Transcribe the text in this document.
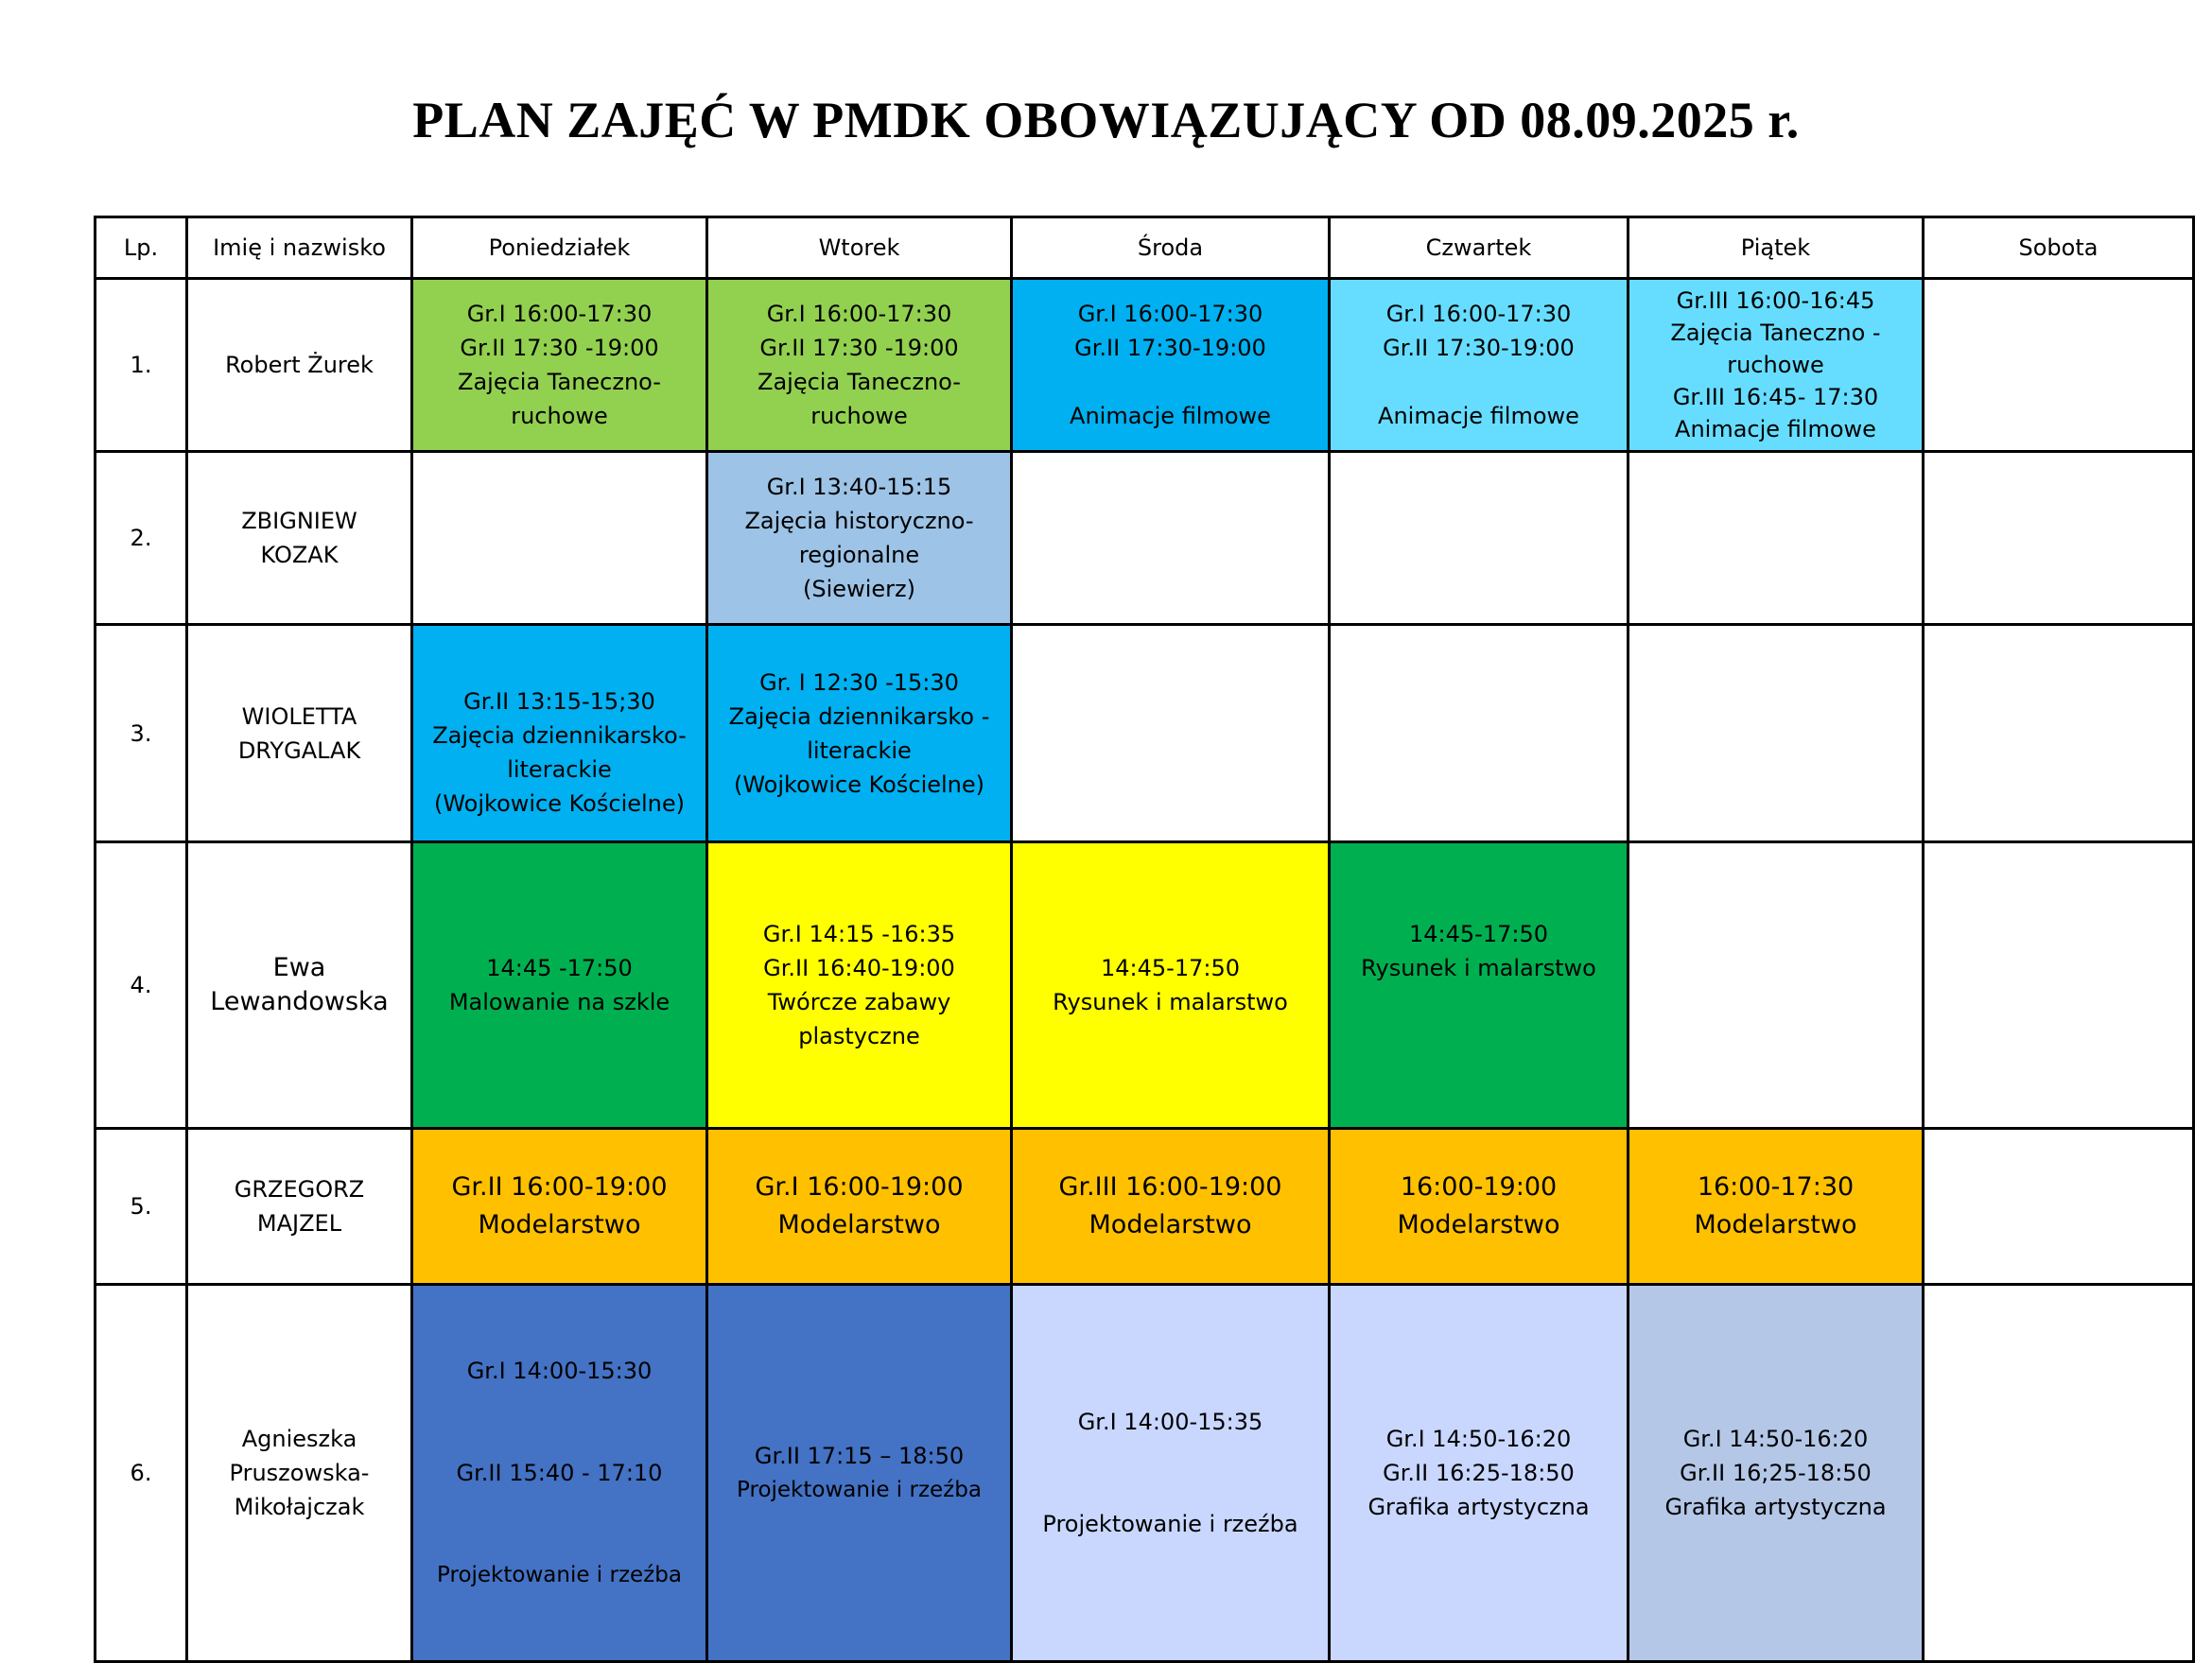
PLAN ZAJĘĆ W PMDK OBOWIĄZUJĄCY OD 08.09.2025 r.
Lp.	Imię i nazwisko	Poniedziałek	Wtorek	Środa	Czwartek	Piątek	Sobota
1.	Robert Żurek	Gr.I 16:00-17:30
Gr.II 17:30 -19:00
Zajęcia Taneczno-
ruchowe	Gr.I 16:00-17:30
Gr.II 17:30 -19:00
Zajęcia Taneczno-
ruchowe	Gr.I 16:00-17:30
Gr.II 17:30-19:00

Animacje filmowe	Gr.I 16:00-17:30
Gr.II 17:30-19:00

Animacje filmowe	Gr.III 16:00-16:45
Zajęcia Taneczno -
ruchowe
Gr.III 16:45- 17:30
Animacje filmowe	

2.	ZBIGNIEW
KOZAK		Gr.I 13:40-15:15
Zajęcia historyczno-
regionalne
(Siewierz)				

3.	WIOLETTA
DRYGALAK	Gr.II 13:15-15;30
Zajęcia dziennikarsko-
literackie
(Wojkowice Kościelne)	Gr. I 12:30 -15:30
Zajęcia dziennikarsko -
literackie
(Wojkowice Kościelne)				

4.	Ewa
Lewandowska	14:45 -17:50
Malowanie na szkle	Gr.I 14:15 -16:35
Gr.II 16:40-19:00
Twórcze zabawy
plastyczne	14:45-17:50
Rysunek i malarstwo	14:45-17:50
Rysunek i malarstwo		

5.	GRZEGORZ
MAJZEL	Gr.II 16:00-19:00
Modelarstwo	Gr.I 16:00-19:00
Modelarstwo	Gr.III 16:00-19:00
Modelarstwo	16:00-19:00
Modelarstwo	16:00-17:30
Modelarstwo	

6.	Agnieszka
Pruszowska-
Mikołajczak	Gr.I 14:00-15:30

Gr.II 15:40 - 17:10

Projektowanie i rzeźba	Gr.II 17:15 – 18:50
Projektowanie i rzeźba	Gr.I 14:00-15:35

Projektowanie i rzeźba	Gr.I 14:50-16:20
Gr.II 16:25-18:50
Grafika artystyczna	Gr.I 14:50-16:20
Gr.II 16;25-18:50
Grafika artystyczna	
